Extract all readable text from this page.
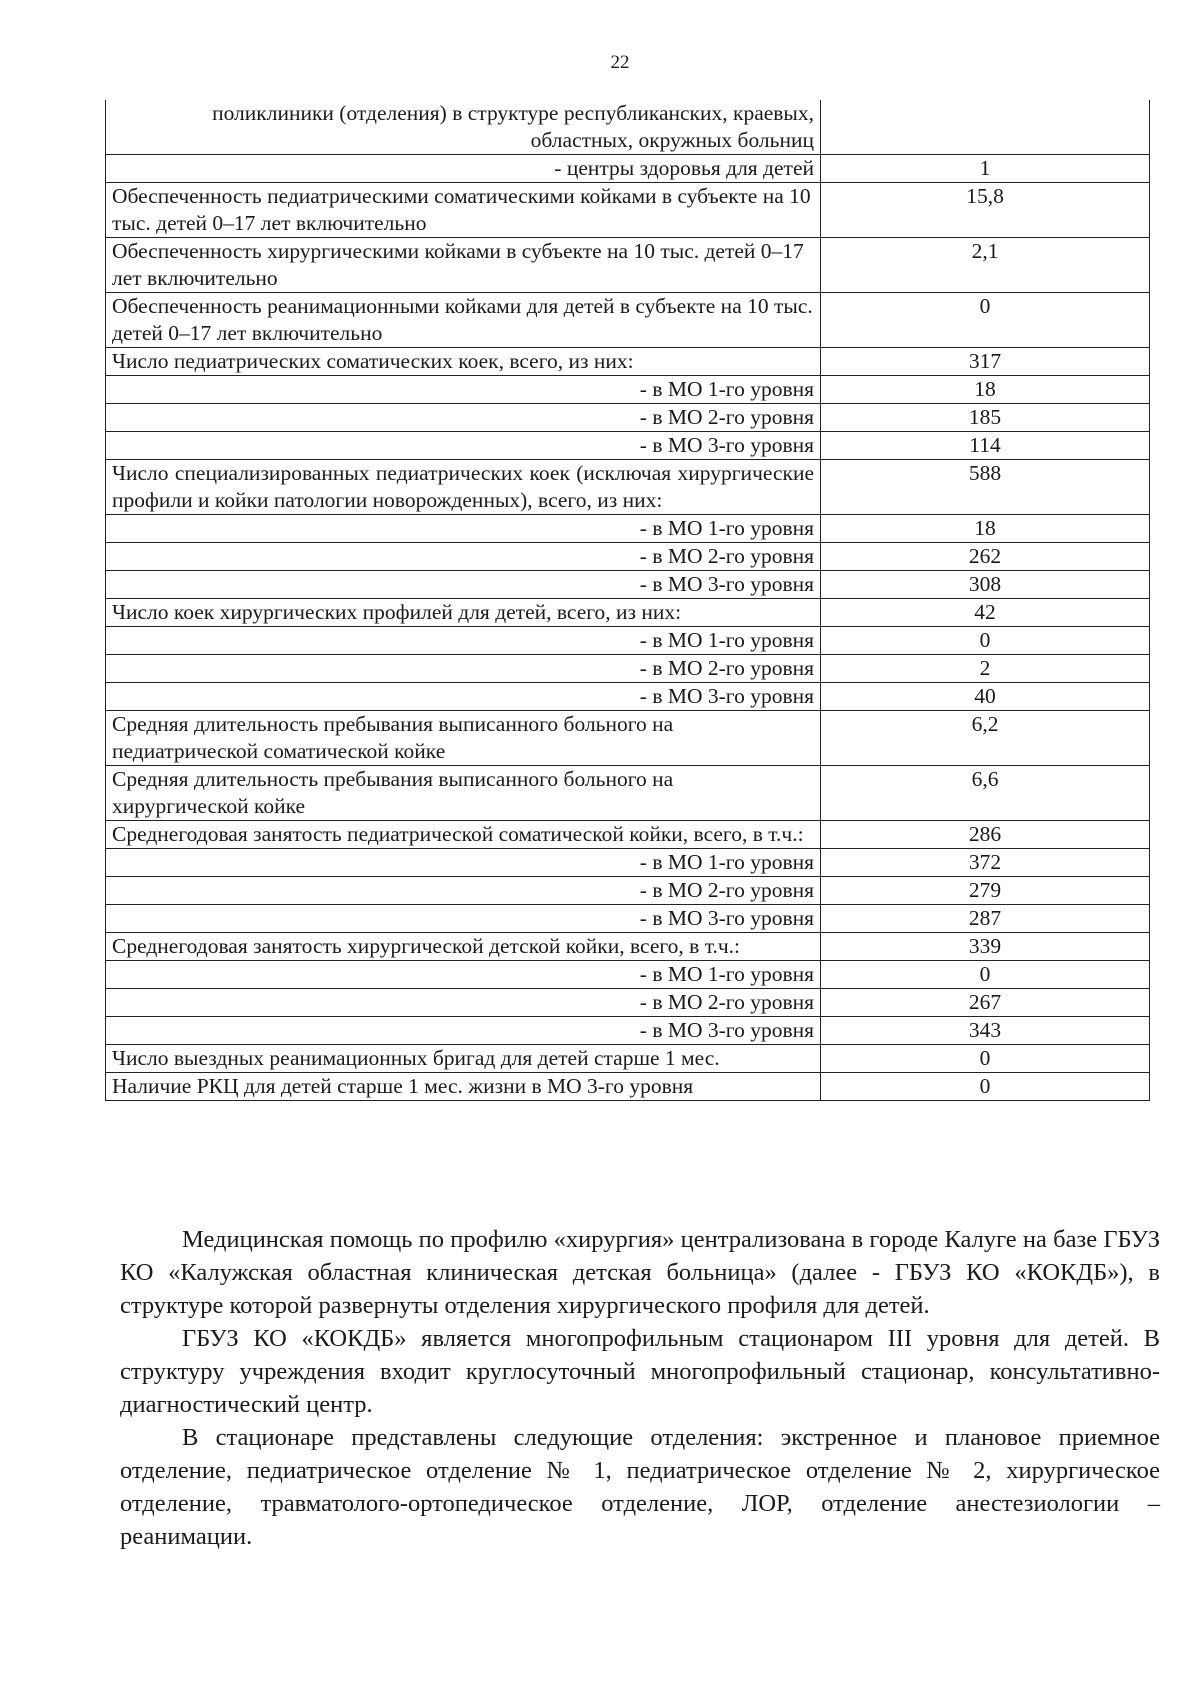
22
поликлиники (отделения) в структуре республиканских, краевых, областных, окружных больниц	
- центры здоровья для детей	1
Обеспеченность педиатрическими соматическими койками в субъекте на 10 тыс. детей 0–17 лет включительно	15,8
Обеспеченность хирургическими койками в субъекте на 10 тыс. детей 0–17 лет включительно	2,1
Обеспеченность реанимационными койками для детей в субъекте на 10 тыс. детей 0–17 лет включительно	0
Число педиатрических соматических коек, всего, из них:	317
- в МО 1-го уровня	18
- в МО 2-го уровня	185
- в МО 3-го уровня	114
Число специализированных педиатрических коек (исключая хирургические профили и койки патологии новорожденных), всего, из них:	588
- в МО 1-го уровня	18
- в МО 2-го уровня	262
- в МО 3-го уровня	308
Число коек хирургических профилей для детей, всего, из них:	42
- в МО 1-го уровня	0
- в МО 2-го уровня	2
- в МО 3-го уровня	40
Средняя длительность пребывания выписанного больного на педиатрической соматической койке	6,2
Средняя длительность пребывания выписанного больного на хирургической койке	6,6
Среднегодовая занятость педиатрической соматической койки, всего, в т.ч.:	286
- в МО 1-го уровня	372
- в МО 2-го уровня	279
- в МО 3-го уровня	287
Среднегодовая занятость хирургической детской койки, всего, в т.ч.:	339
- в МО 1-го уровня	0
- в МО 2-го уровня	267
- в МО 3-го уровня	343
Число выездных реанимационных бригад для детей старше 1 мес.	0
Наличие РКЦ для детей старше 1 мес. жизни в МО 3-го уровня	0

Медицинская помощь по профилю «хирургия» централизована в городе Калуге на базе ГБУЗ КО «Калужская областная клиническая детская больница» (далее - ГБУЗ КО «КОКДБ»), в структуре которой развернуты отделения хирургического профиля для детей.

ГБУЗ КО «КОКДБ» является многопрофильным стационаром III уровня для детей. В структуру учреждения входит круглосуточный многопрофильный стационар, консультативно-диагностический центр.

В стационаре представлены следующие отделения: экстренное и плановое приемное отделение, педиатрическое отделение № 1, педиатрическое отделение № 2, хирургическое отделение, травматолого-ортопедическое отделение, ЛОР, отделение анестезиологии – реанимации.
